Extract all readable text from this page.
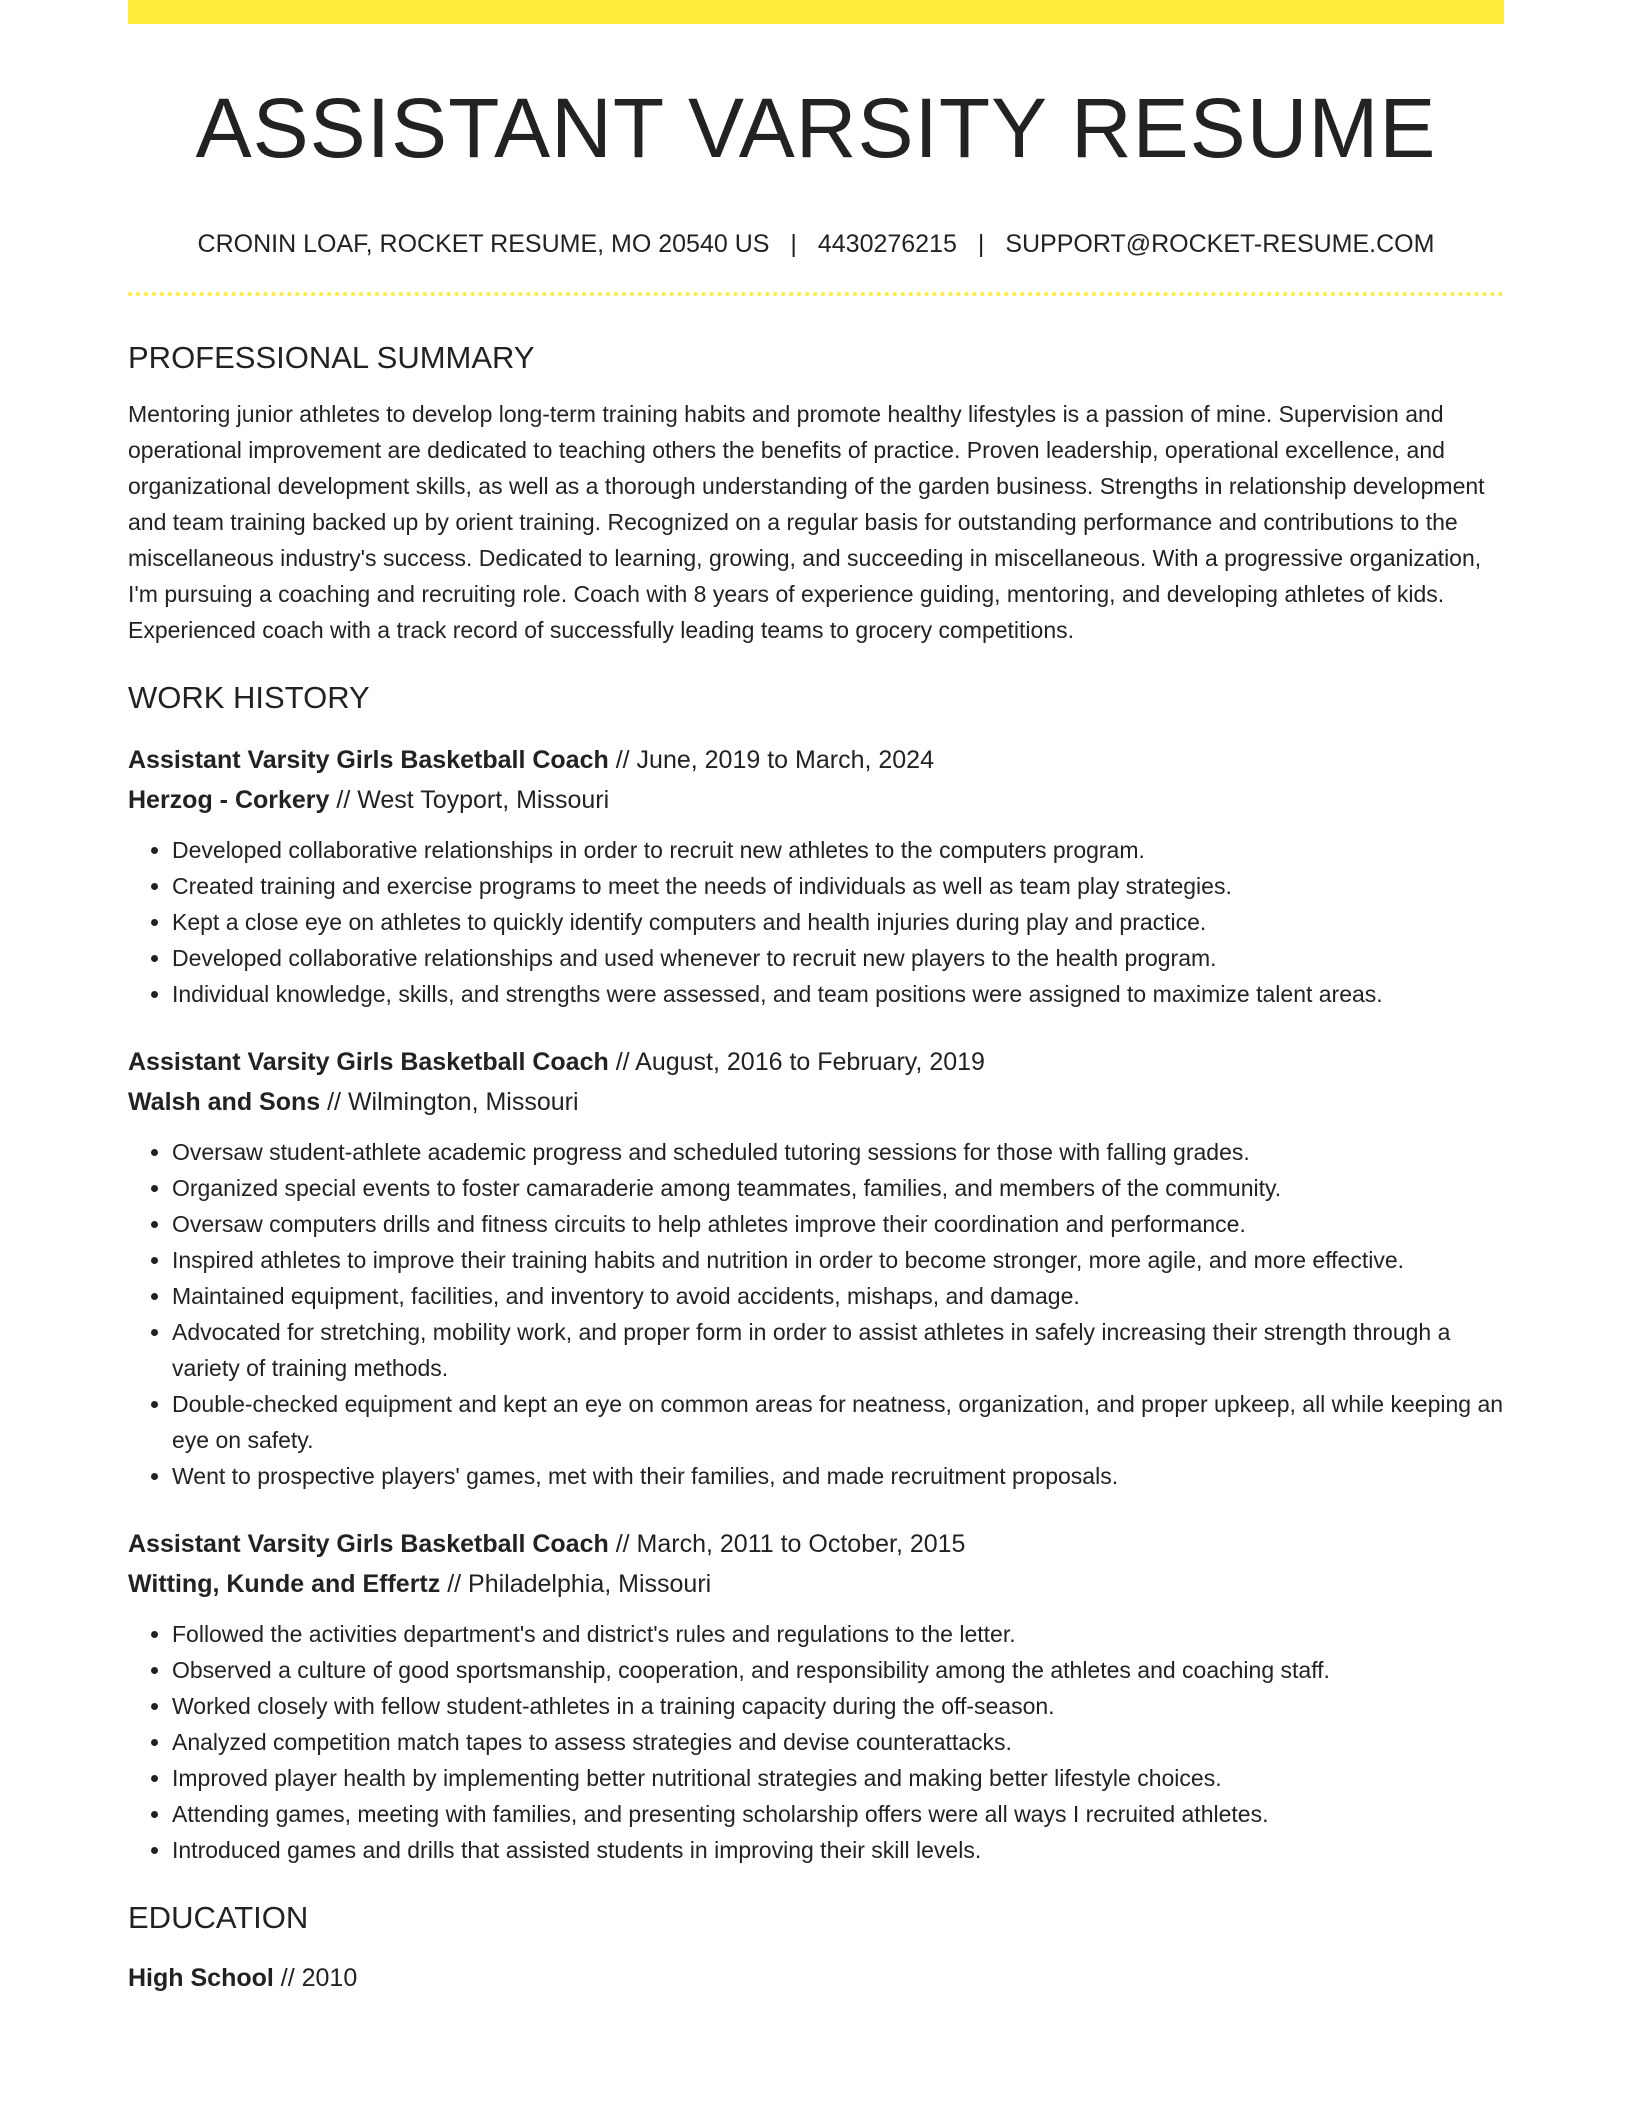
ASSISTANT VARSITY RESUME
CRONIN LOAF, ROCKET RESUME, MO 20540 US | 4430276215 | SUPPORT@ROCKET-RESUME.COM
PROFESSIONAL SUMMARY
Mentoring junior athletes to develop long-term training habits and promote healthy lifestyles is a passion of mine. Supervision and operational improvement are dedicated to teaching others the benefits of practice. Proven leadership, operational excellence, and organizational development skills, as well as a thorough understanding of the garden business. Strengths in relationship development and team training backed up by orient training. Recognized on a regular basis for outstanding performance and contributions to the miscellaneous industry's success. Dedicated to learning, growing, and succeeding in miscellaneous. With a progressive organization, I'm pursuing a coaching and recruiting role. Coach with 8 years of experience guiding, mentoring, and developing athletes of kids. Experienced coach with a track record of successfully leading teams to grocery competitions.
WORK HISTORY
Assistant Varsity Girls Basketball Coach // June, 2019 to March, 2024
Herzog - Corkery // West Toyport, Missouri
• Developed collaborative relationships in order to recruit new athletes to the computers program.
• Created training and exercise programs to meet the needs of individuals as well as team play strategies.
• Kept a close eye on athletes to quickly identify computers and health injuries during play and practice.
• Developed collaborative relationships and used whenever to recruit new players to the health program.
• Individual knowledge, skills, and strengths were assessed, and team positions were assigned to maximize talent areas.
Assistant Varsity Girls Basketball Coach // August, 2016 to February, 2019
Walsh and Sons // Wilmington, Missouri
• Oversaw student-athlete academic progress and scheduled tutoring sessions for those with falling grades.
• Organized special events to foster camaraderie among teammates, families, and members of the community.
• Oversaw computers drills and fitness circuits to help athletes improve their coordination and performance.
• Inspired athletes to improve their training habits and nutrition in order to become stronger, more agile, and more effective.
• Maintained equipment, facilities, and inventory to avoid accidents, mishaps, and damage.
• Advocated for stretching, mobility work, and proper form in order to assist athletes in safely increasing their strength through a variety of training methods.
• Double-checked equipment and kept an eye on common areas for neatness, organization, and proper upkeep, all while keeping an eye on safety.
• Went to prospective players' games, met with their families, and made recruitment proposals.
Assistant Varsity Girls Basketball Coach // March, 2011 to October, 2015
Witting, Kunde and Effertz // Philadelphia, Missouri
• Followed the activities department's and district's rules and regulations to the letter.
• Observed a culture of good sportsmanship, cooperation, and responsibility among the athletes and coaching staff.
• Worked closely with fellow student-athletes in a training capacity during the off-season.
• Analyzed competition match tapes to assess strategies and devise counterattacks.
• Improved player health by implementing better nutritional strategies and making better lifestyle choices.
• Attending games, meeting with families, and presenting scholarship offers were all ways I recruited athletes.
• Introduced games and drills that assisted students in improving their skill levels.
EDUCATION
High School // 2010
